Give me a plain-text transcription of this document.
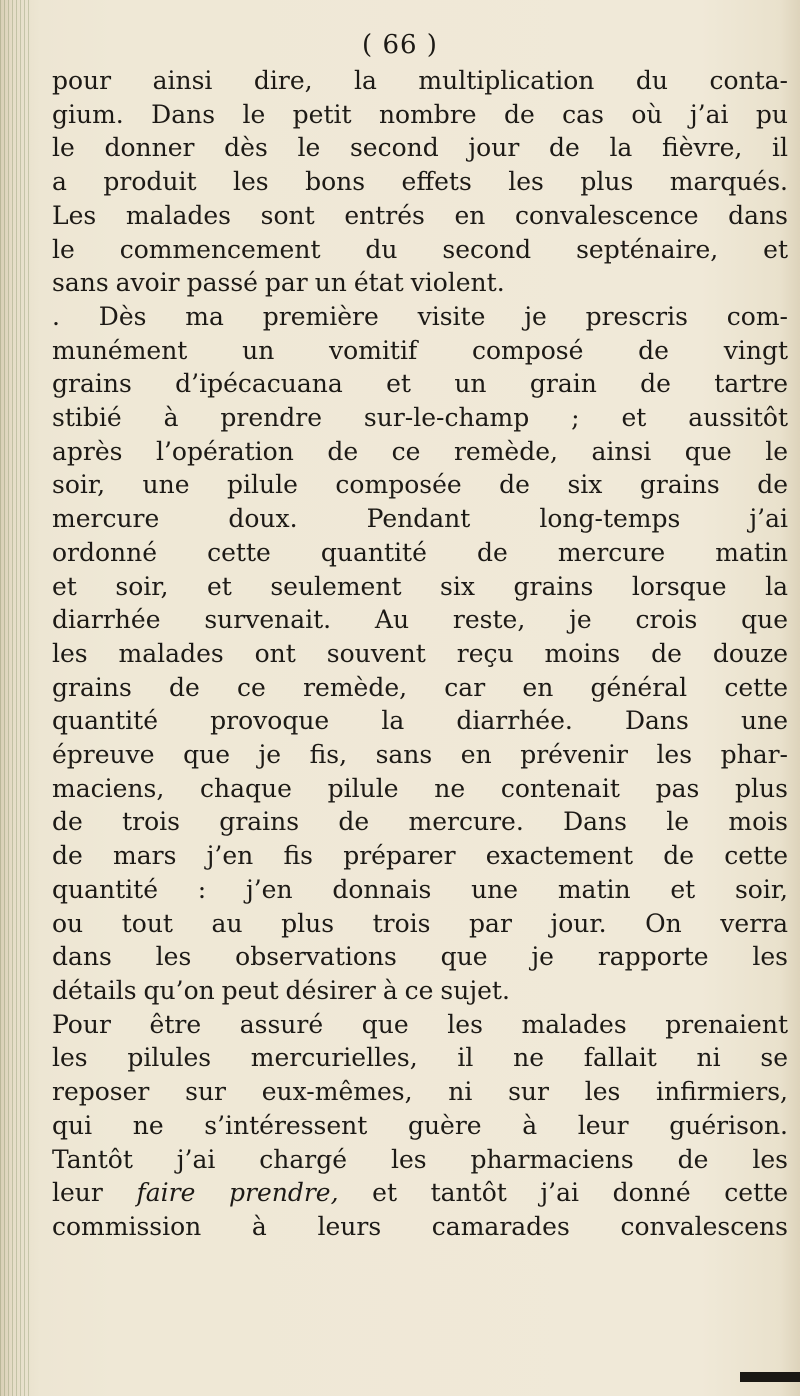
( 66 )
pour ainsi dire, la multiplication du conta-
gium. Dans le petit nombre de cas où j’ai pu
le donner dès le second jour de la fièvre, il
a produit les bons effets les plus marqués.
Les malades sont entrés en convalescence dans
le commencement du second septénaire, et
sans avoir passé par un état violent.
. Dès ma première visite je prescris com-
munément un vomitif composé de vingt
grains d’ipécacuana et un grain de tartre
stibié à prendre sur-le-champ ; et aussitôt
après l’opération de ce remède, ainsi que le
soir, une pilule composée de six grains de
mercure doux. Pendant long-temps j’ai
ordonné cette quantité de mercure matin
et soir, et seulement six grains lorsque la
diarrhée survenait. Au reste, je crois que
les malades ont souvent reçu moins de douze
grains de ce remède, car en général cette
quantité provoque la diarrhée. Dans une
épreuve que je fis, sans en prévenir les phar-
maciens, chaque pilule ne contenait pas plus
de trois grains de mercure. Dans le mois
de mars j’en fis préparer exactement de cette
quantité : j’en donnais une matin et soir,
ou tout au plus trois par jour. On verra
dans les observations que je rapporte les
détails qu’on peut désirer à ce sujet.
Pour être assuré que les malades prenaient
les pilules mercurielles, il ne fallait ni se
reposer sur eux-mêmes, ni sur les infirmiers,
qui ne s’intéressent guère à leur guérison.
Tantôt j’ai chargé les pharmaciens de les
leur faire prendre, et tantôt j’ai donné cette
commission à leurs camarades convalescens
